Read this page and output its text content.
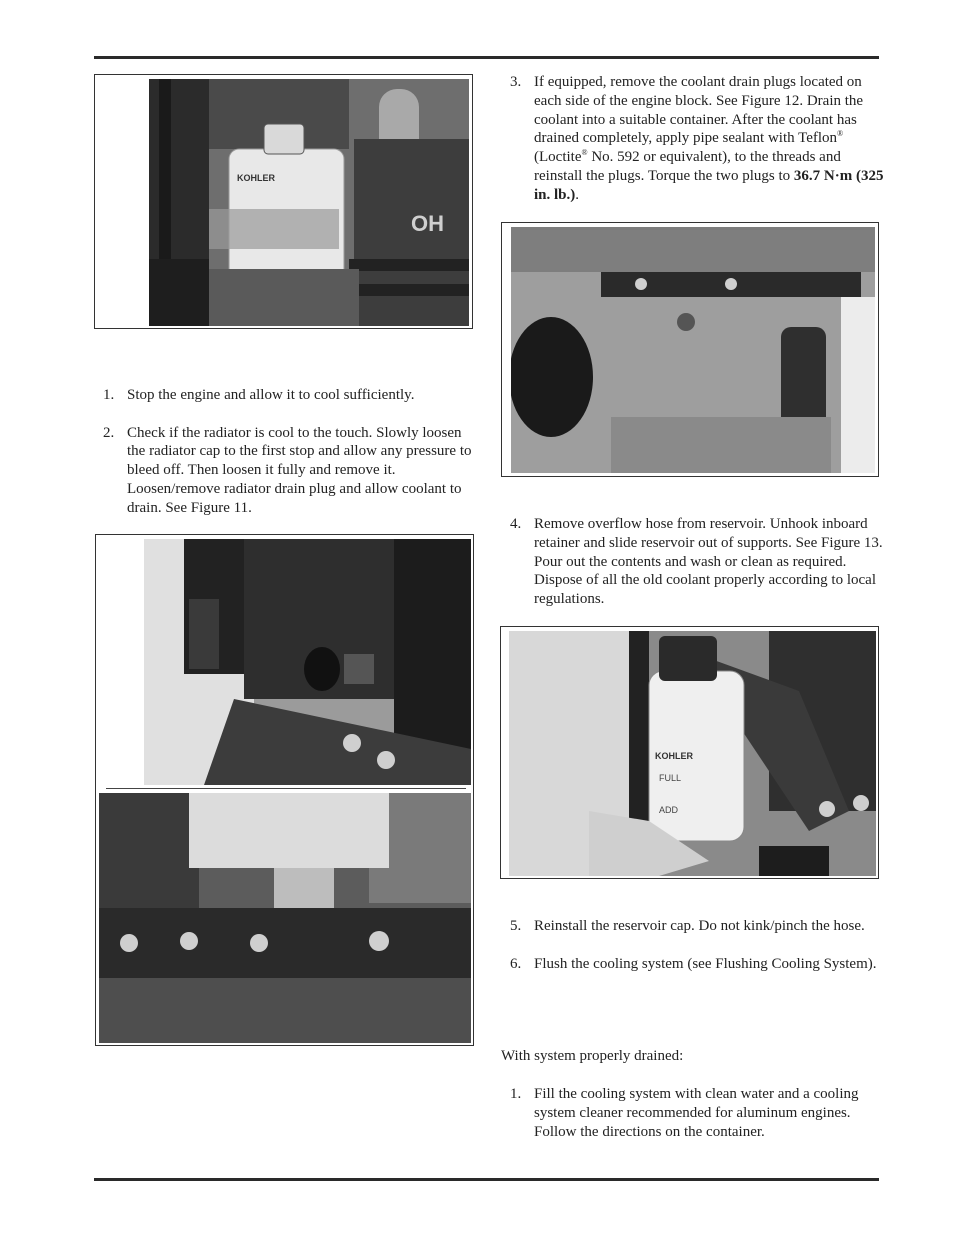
OH
KOHLER
1. Stop the engine and allow it to cool sufficiently.
2. Check if the radiator is cool to the touch. Slowly loosen the radiator cap to the first stop and allow any pressure to bleed off. Then loosen it fully and remove it. Loosen/remove radiator drain plug and allow coolant to drain. See Figure 11.
3. If equipped, remove the coolant drain plugs located on each side of the engine block. See Figure 12. Drain the coolant into a suitable container. After the coolant has drained completely, apply pipe sealant with Teflon® (Loctite® No. 592 or equivalent), to the threads and reinstall the plugs. Torque the two plugs to 36.7 N·m (325 in. lb.).
4. Remove overflow hose from reservoir. Unhook inboard retainer and slide reservoir out of supports. See Figure 13. Pour out the contents and wash or clean as required. Dispose of all the old coolant properly according to local regulations.
KOHLER
FULL
ADD
5. Reinstall the reservoir cap. Do not kink/pinch the hose.
6. Flush the cooling system (see Flushing Cooling System).

With system properly drained:

1. Fill the cooling system with clean water and a cooling system cleaner recommended for aluminum engines. Follow the directions on the container.
